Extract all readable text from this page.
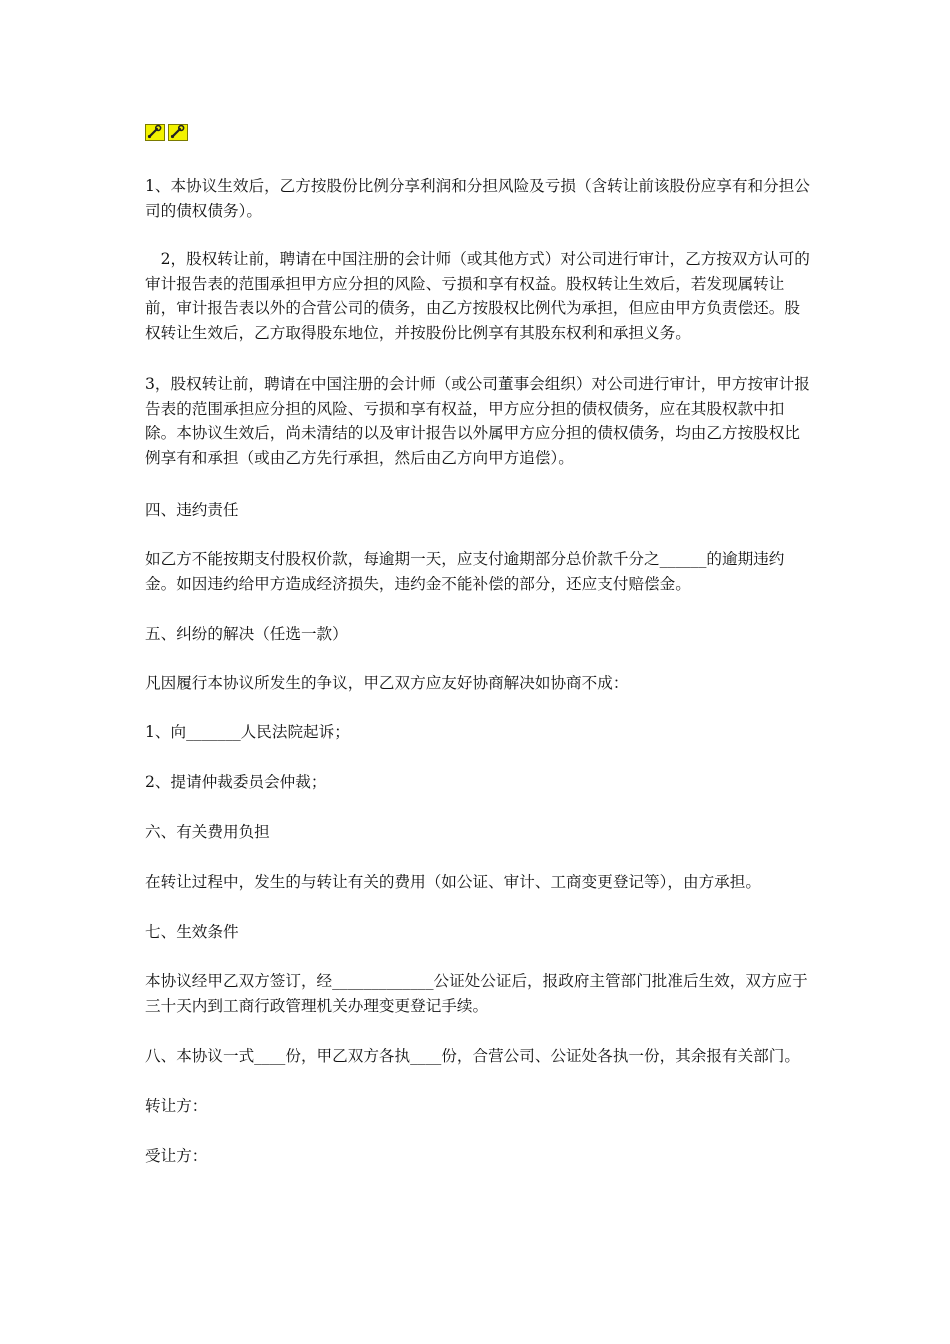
1、本协议生效后，乙方按股份比例分享利润和分担风险及亏损（含转让前该股份应享有和分担公司的债权债务）。

　2，股权转让前，聘请在中国注册的会计师（或其他方式）对公司进行审计，乙方按双方认可的审计报告表的范围承担甲方应分担的风险、亏损和享有权益。股权转让生效后，若发现属转让前，审计报告表以外的合营公司的债务，由乙方按股权比例代为承担，但应由甲方负责偿还。股权转让生效后，乙方取得股东地位，并按股份比例享有其股东权利和承担义务。

3，股权转让前，聘请在中国注册的会计师（或公司董事会组织）对公司进行审计，甲方按审计报告表的范围承担应分担的风险、亏损和享有权益，甲方应分担的债权债务，应在其股权款中扣除。本协议生效后，尚未清结的以及审计报告以外属甲方应分担的债权债务，均由乙方按股权比例享有和承担（或由乙方先行承担，然后由乙方向甲方追偿）。

四、违约责任

如乙方不能按期支付股权价款，每逾期一天，应支付逾期部分总价款千分之______的逾期违约金。如因违约给甲方造成经济损失，违约金不能补偿的部分，还应支付赔偿金。

五、纠纷的解决（任选一款）

凡因履行本协议所发生的争议，甲乙双方应友好协商解决如协商不成：

1、向_______人民法院起诉；

2、提请仲裁委员会仲裁；

六、有关费用负担

在转让过程中，发生的与转让有关的费用（如公证、审计、工商变更登记等），由方承担。

七、生效条件

本协议经甲乙双方签订，经_____________公证处公证后，报政府主管部门批准后生效，双方应于三十天内到工商行政管理机关办理变更登记手续。

八、本协议一式____份，甲乙双方各执____份，合营公司、公证处各执一份，其余报有关部门。

转让方：

受让方：
